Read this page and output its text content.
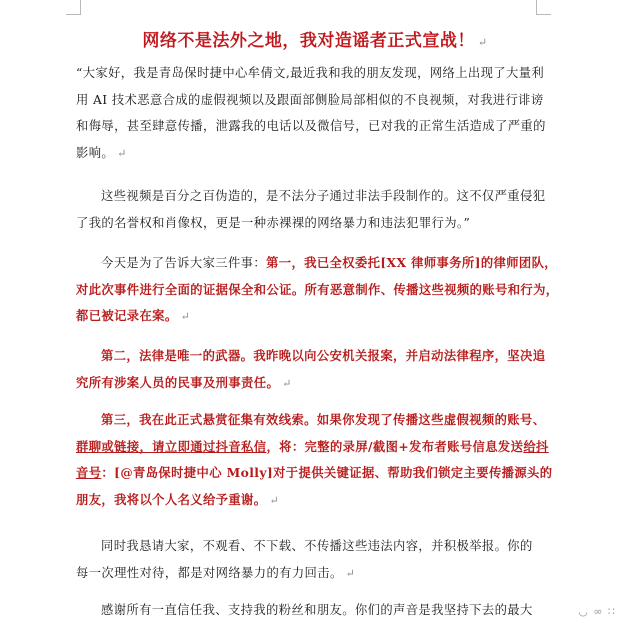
网络不是法外之地，我对造谣者正式宣战！ ↵
“大家好，我是青岛保时捷中心牟倩文,最近我和我的朋友发现，网络上出现了大量利
用 AI 技术恶意合成的虚假视频以及跟面部侧脸局部相似的不良视频，对我进行诽谤
和侮辱，甚至肆意传播，泄露我的电话以及微信号，已对我的正常生活造成了严重的
影响。 ↵
这些视频是百分之百伪造的，是不法分子通过非法手段制作的。这不仅严重侵犯
了我的名誉权和肖像权，更是一种赤裸裸的网络暴力和违法犯罪行为。”
今天是为了告诉大家三件事：第一，我已全权委托[XX 律师事务所]的律师团队，
对此次事件进行全面的证据保全和公证。所有恶意制作、传播这些视频的账号和行为，
都已被记录在案。 ↵
第二，法律是唯一的武器。我昨晚以向公安机关报案，并启动法律程序，坚决追
究所有涉案人员的民事及刑事责任。 ↵
第三，我在此正式悬赏征集有效线索。如果你发现了传播这些虚假视频的账号、
群聊或链接，请立即通过抖音私信，将：完整的录屏/截图+发布者账号信息发送给抖
音号：[@青岛保时捷中心 Molly]对于提供关键证据、帮助我们锁定主要传播源头的
朋友，我将以个人名义给予重谢。 ↵
同时我恳请大家，不观看、不下载、不传播这些违法内容，并积极举报。你的
每一次理性对待，都是对网络暴力的有力回击。 ↵
感谢所有一直信任我、支持我的粉丝和朋友。你们的声音是我坚持下去的最大	◡ ∞ ∷
